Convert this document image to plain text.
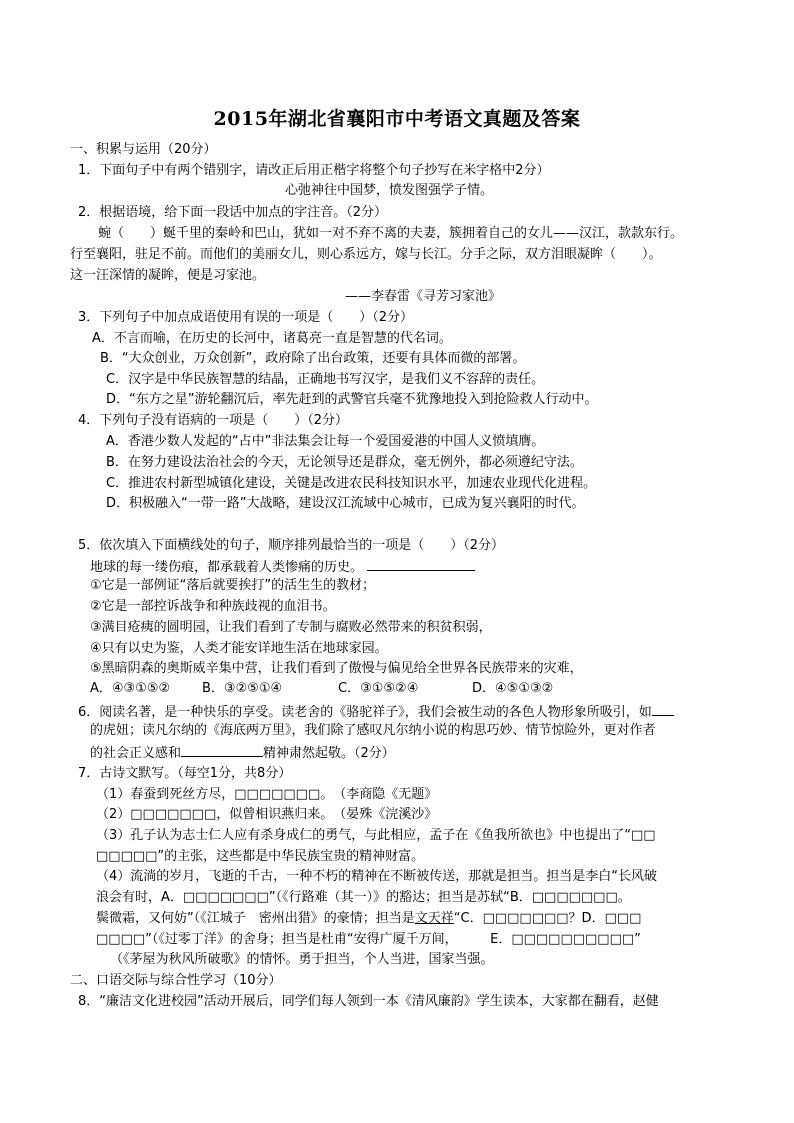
2015年湖北省襄阳市中考语文真题及答案
一、积累与运用（20分）
1．下面句子中有两个错别字，请改正后用正楷字将整个句子抄写在米字格中2分）
心弛神往中国梦，愤发图强学子情。
2．根据语境，给下面一段话中加点的字注音。（2分）
蜿（　　）蜒千里的秦岭和巴山，犹如一对不弃不离的夫妻，簇拥着自己的女儿——汉江，款款东行。
行至襄阳，驻足不前。而他们的美丽女儿，则心系远方，嫁与长江。分手之际，双方泪眼凝眸（　　）。
这一汪深情的凝眸，便是习家池。
——李春雷《寻芳习家池》
3．下列句子中加点成语使用有误的一项是（　　）（2分）
A．不言而喻，在历史的长河中，诸葛亮一直是智慧的代名词。
B．“大众创业，万众创新”，政府除了出台政策，还要有具体而微的部署。
C．汉字是中华民族智慧的结晶，正确地书写汉字，是我们义不容辞的责任。
D．“东方之星”游轮翻沉后，率先赶到的武警官兵毫不犹豫地投入到抢险救人行动中。
4．下列句子没有语病的一项是（　　）（2分）
A．香港少数人发起的“占中”非法集会让每一个爱国爱港的中国人义愤填膺。
B．在努力建设法治社会的今天，无论领导还是群众，毫无例外，都必须遵纪守法。
C．推进农村新型城镇化建设，关键是改进农民科技知识水平，加速农业现代化进程。
D．积极融入“一带一路”大战略，建设汉江流域中心城市，已成为复兴襄阳的时代。
5．依次填入下面横线处的句子，顺序排列最恰当的一项是（　　）（2分）
地球的每一缕伤痕，都承载着人类惨痛的历史。
①它是一部例证“落后就要挨打”的活生生的教材；
②它是一部控诉战争和种族歧视的血泪书。
③满目疮痍的圆明园，让我们看到了专制与腐败必然带来的积贫积弱，
④只有以史为鉴，人类才能安详地生活在地球家园。
⑤黑暗阴森的奥斯威辛集中营，让我们看到了傲慢与偏见给全世界各民族带来的灾难，
A．④③①⑤② B．③②⑤①④	C．③①⑤②④	D．④⑤①③②
6．阅读名著，是一种快乐的享受。读老舍的《骆驼祥子》，我们会被生动的各色人物形象所吸引，如
的虎妞；读凡尔纳的《海底两万里》，我们除了感叹凡尔纳小说的构思巧妙、情节惊险外，更对作者
的社会正义感和	精神肃然起敬。（2分）
7．古诗文默写。（每空1分，共8分）
（1）春蚕到死丝方尽，□□□□□□□。　（李商隐《无题》
（2）□□□□□□□，似曾相识燕归来。　（晏殊《浣溪沙》
（3）孔子认为志士仁人应有杀身成仁的勇气，与此相应，孟子在《鱼我所欲也》中也提出了“□□
□□□□□”的主张，这些都是中华民族宝贵的精神财富。
（4）流淌的岁月，飞逝的千古，一种不朽的精神在不断被传送，那就是担当。担当是李白“长风破
浪会有时，A．□□□□□□□”（《行路难（其一）》的豁达；担当是苏轼“B．□□□□□□□。
鬓微霜，又何妨”（《江城子　密州出猎》的豪情；担当是文天祥“C．□□□□□□□？D．□□□
□□□□”（《过零丁洋》的舍身；担当是杜甫“安得广厦千万间，　　　E．□□□□□□□□□□”
（《茅屋为秋风所破歌》的情怀。勇于担当，个人当进，国家当强。
二、口语交际与综合性学习（10分）
8．“廉洁文化进校园”活动开展后，同学们每人领到一本《清风廉韵》学生读本，大家都在翻看，赵健
